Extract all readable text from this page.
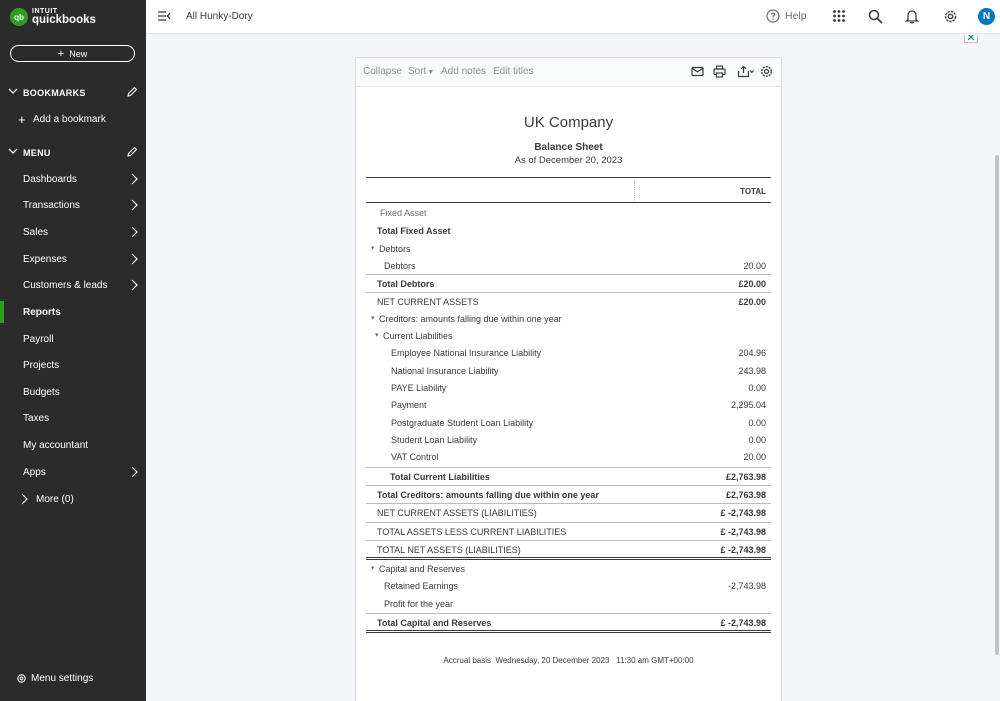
qb
INTUIT
quickbooks
+ New
BOOKMARKS
+ Add a bookmark
MENU
Dashboards
Transactions
Sales
Expenses
Customers & leads
Reports
Payroll
Projects
Budgets
Taxes
My accountant
Apps
More (0)
Menu settings
All Hunky-Dory	Help	N
Collapse Sort▼ Add notes Edit titles
UK Company
Balance Sheet
As of December 20, 2023
TOTAL
Fixed Asset
Total Fixed Asset
▾ Debtors
Debtors	20.00
Total Debtors	£20.00
NET CURRENT ASSETS	£20.00
▾ Creditors: amounts falling due within one year
▾ Current Liabilities
Employee National Insurance Liability	204.96
National Insurance Liability	243.98
PAYE Liability	0.00
Payment	2,295.04
Postgraduate Student Loan Liability	0.00
Student Loan Liability	0.00
VAT Control	20.00
Total Current Liabilities	£2,763.98
Total Creditors: amounts falling due within one year	£2,763.98
NET CURRENT ASSETS (LIABILITIES)	£ -2,743.98
TOTAL ASSETS LESS CURRENT LIABILITIES	£ -2,743.98
TOTAL NET ASSETS (LIABILITIES)	£ -2,743.98
▾ Capital and Reserves
Retained Earnings	-2,743.98
Profit for the year
Total Capital and Reserves	£ -2,743.98
Accrual basis  Wednesday, 20 December 2023   11:30 am GMT+00:00
